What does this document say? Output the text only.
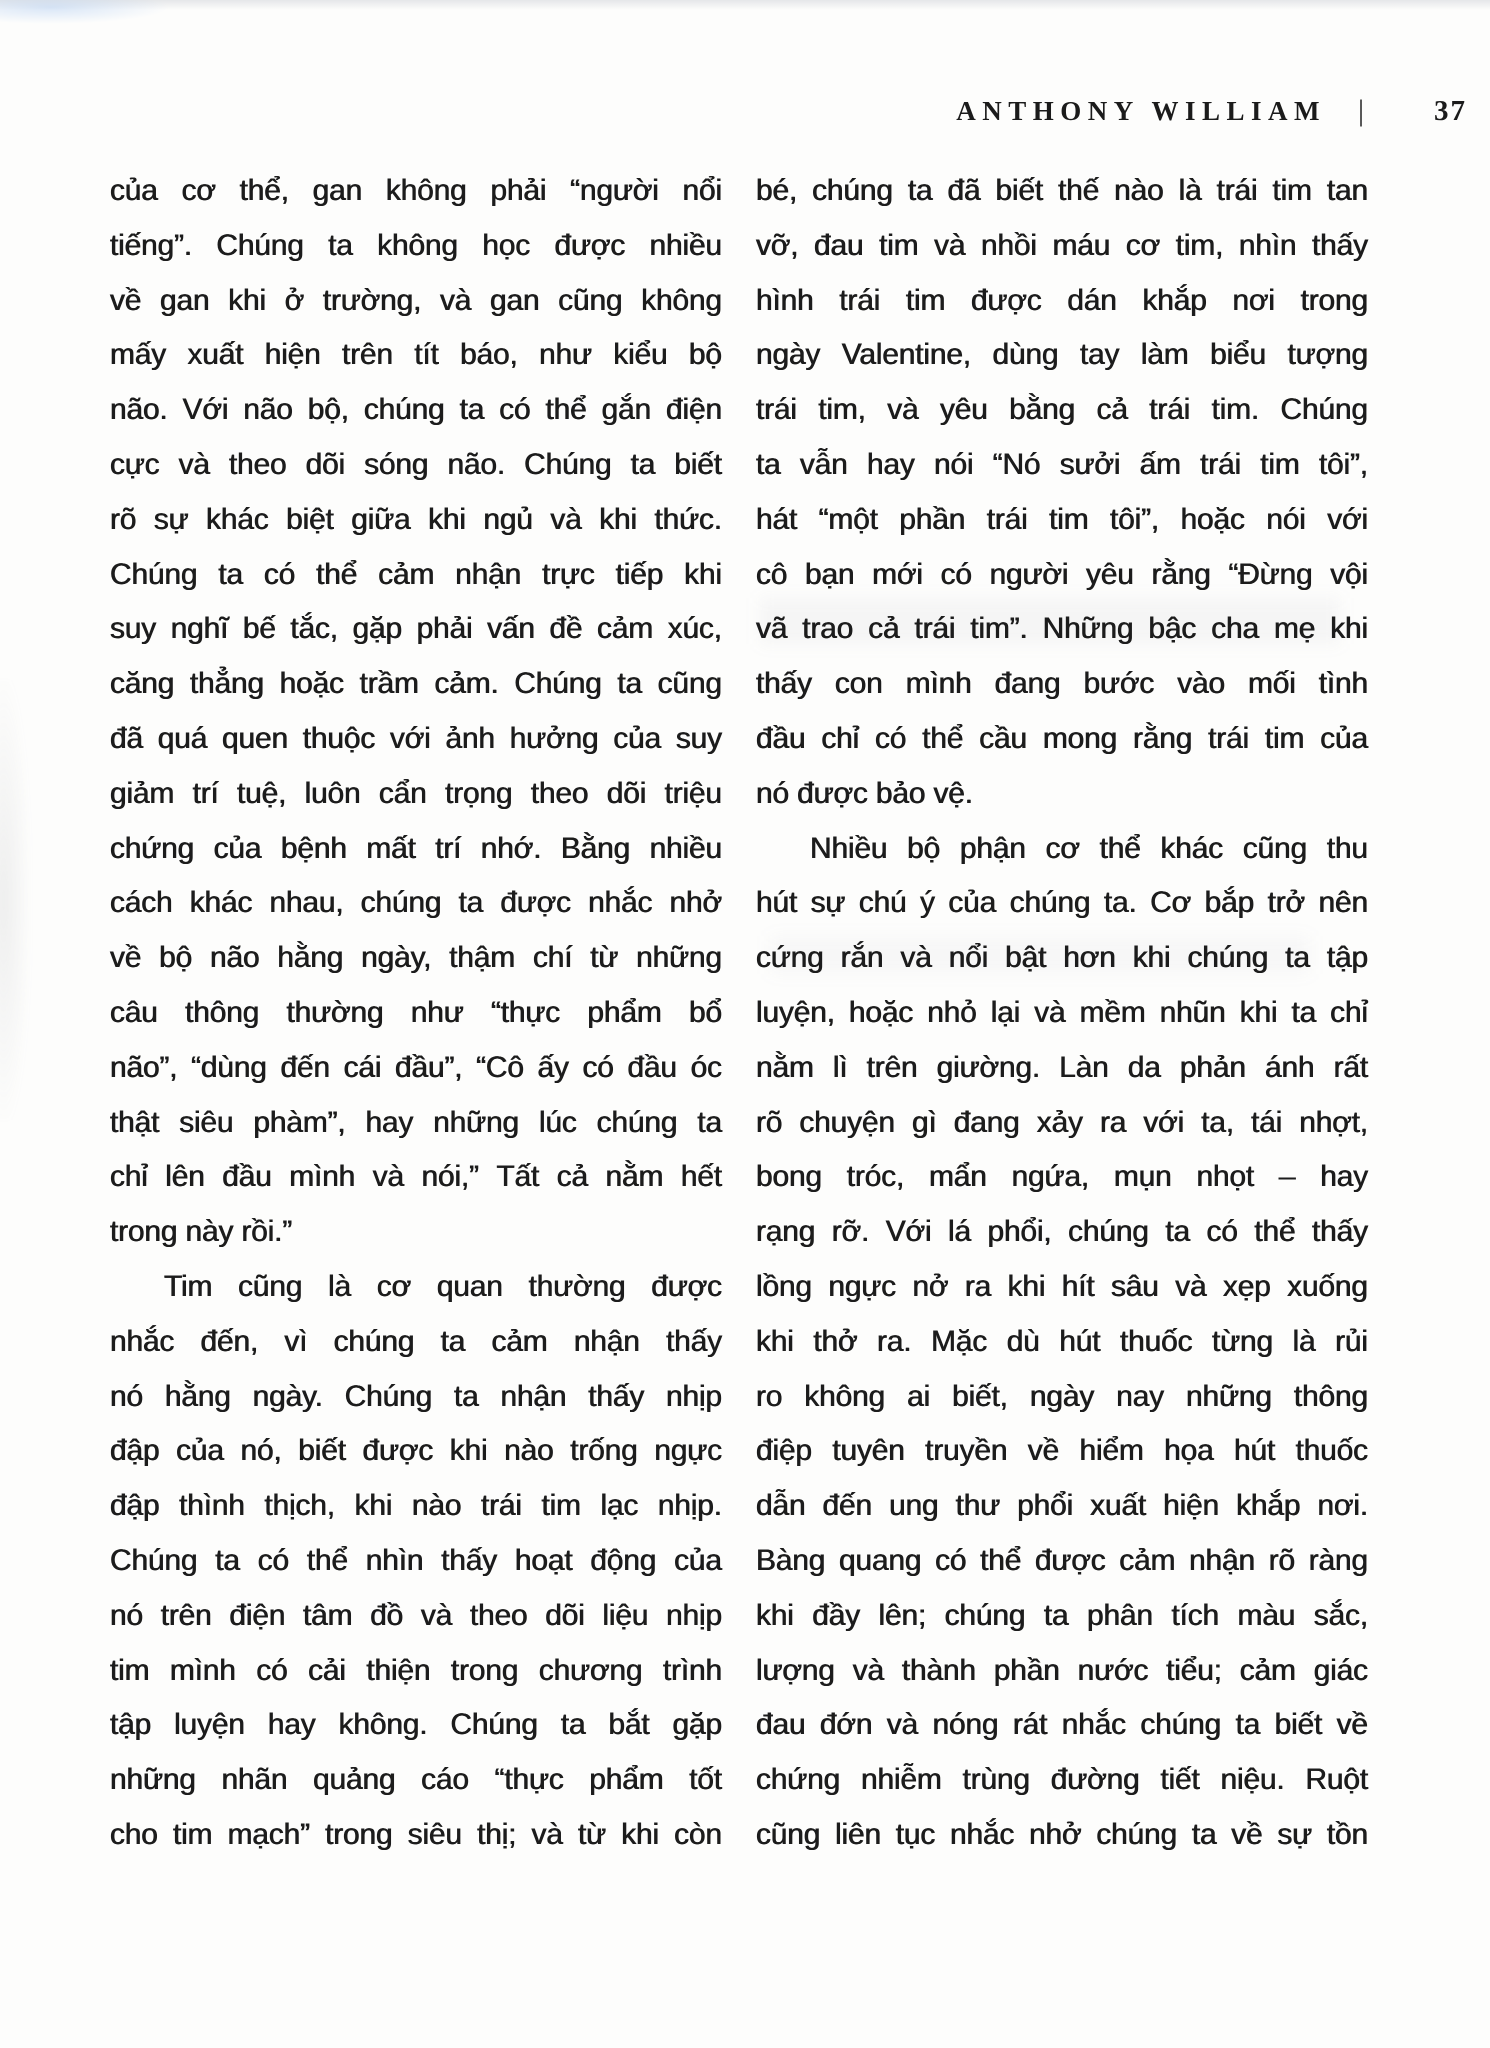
ANTHONY WILLIAM | 37
của cơ thể, gan không phải “người nổi
tiếng”. Chúng ta không học được nhiều
về gan khi ở trường, và gan cũng không
mấy xuất hiện trên tít báo, như kiểu bộ
não. Với não bộ, chúng ta có thể gắn điện
cực và theo dõi sóng não. Chúng ta biết
rõ sự khác biệt giữa khi ngủ và khi thức.
Chúng ta có thể cảm nhận trực tiếp khi
suy nghĩ bế tắc, gặp phải vấn đề cảm xúc,
căng thẳng hoặc trầm cảm. Chúng ta cũng
đã quá quen thuộc với ảnh hưởng của suy
giảm trí tuệ, luôn cẩn trọng theo dõi triệu
chứng của bệnh mất trí nhớ. Bằng nhiều
cách khác nhau, chúng ta được nhắc nhở
về bộ não hằng ngày, thậm chí từ những
câu thông thường như “thực phẩm bổ
não”, “dùng đến cái đầu”, “Cô ấy có đầu óc
thật siêu phàm”, hay những lúc chúng ta
chỉ lên đầu mình và nói,” Tất cả nằm hết
trong này rồi.”
Tim cũng là cơ quan thường được
nhắc đến, vì chúng ta cảm nhận thấy
nó hằng ngày. Chúng ta nhận thấy nhịp
đập của nó, biết được khi nào trống ngực
đập thình thịch, khi nào trái tim lạc nhịp.
Chúng ta có thể nhìn thấy hoạt động của
nó trên điện tâm đồ và theo dõi liệu nhịp
tim mình có cải thiện trong chương trình
tập luyện hay không. Chúng ta bắt gặp
những nhãn quảng cáo “thực phẩm tốt
cho tim mạch” trong siêu thị; và từ khi còn
bé, chúng ta đã biết thế nào là trái tim tan
vỡ, đau tim và nhồi máu cơ tim, nhìn thấy
hình trái tim được dán khắp nơi trong
ngày Valentine, dùng tay làm biểu tượng
trái tim, và yêu bằng cả trái tim. Chúng
ta vẫn hay nói “Nó sưởi ấm trái tim tôi”,
hát “một phần trái tim tôi”, hoặc nói với
cô bạn mới có người yêu rằng “Đừng vội
vã trao cả trái tim”. Những bậc cha mẹ khi
thấy con mình đang bước vào mối tình
đầu chỉ có thể cầu mong rằng trái tim của
nó được bảo vệ.
Nhiều bộ phận cơ thể khác cũng thu
hút sự chú ý của chúng ta. Cơ bắp trở nên
cứng rắn và nổi bật hơn khi chúng ta tập
luyện, hoặc nhỏ lại và mềm nhũn khi ta chỉ
nằm lì trên giường. Làn da phản ánh rất
rõ chuyện gì đang xảy ra với ta, tái nhợt,
bong tróc, mẩn ngứa, mụn nhọt – hay
rạng rỡ. Với lá phổi, chúng ta có thể thấy
lồng ngực nở ra khi hít sâu và xẹp xuống
khi thở ra. Mặc dù hút thuốc từng là rủi
ro không ai biết, ngày nay những thông
điệp tuyên truyền về hiểm họa hút thuốc
dẫn đến ung thư phổi xuất hiện khắp nơi.
Bàng quang có thể được cảm nhận rõ ràng
khi đầy lên; chúng ta phân tích màu sắc,
lượng và thành phần nước tiểu; cảm giác
đau đớn và nóng rát nhắc chúng ta biết về
chứng nhiễm trùng đường tiết niệu. Ruột
cũng liên tục nhắc nhở chúng ta về sự tồn
